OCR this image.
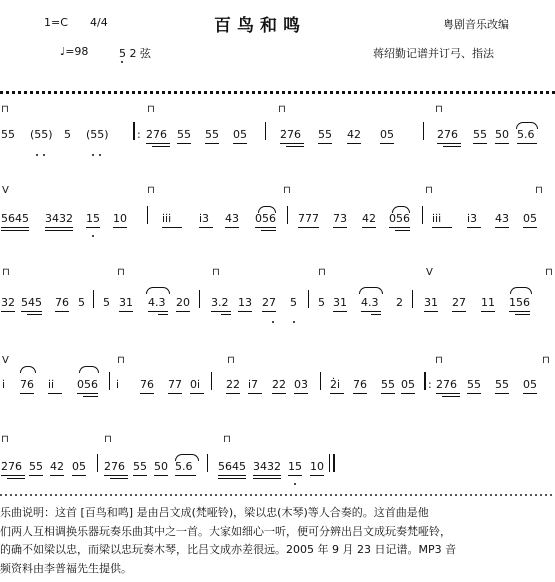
1=C 4/4	百鸟和鸣	粤剧音乐改编
♩=98	5 2 弦	蒋绍勤记谱并订弓、指法
⊓	⊓	⊓	⊓
55 (55) 5 (55)	: 2̇76 55 55 05	2̇76 55 42 05	2̇76 55 50 5.6
V	⊓	⊓	⊓	⊓
5645 3432 15 10	i̇i̇i̇	i̇3 43 056 777 73 42 056 i̇i̇i̇ i̇3 43 05
⊓	⊓	⊓	⊓	V	⊓
32 545 76 5 5 31 4.3 20 3.2 13 27 5 5 31 4.3 2 31 27 11 156
V	⊓	⊓	⊓	⊓
i̇ 76 i̇i̇ 056 i̇ 76 77 0i̇ 2̇2̇ i̇7 2̇2̇ 03̇ 2̇i̇ 76 55 05 : 2̇76 55 55 05
⊓	⊓	⊓
2̇76 55 42 05 2̇76 55 50 5.6 5645 3432 15 10
乐曲说明：这首 [百鸟和鸣] 是由吕文成(梵哑铃)，梁以忠(木琴)等人合奏的。这首曲是他
们两人互相调换乐器玩奏乐曲其中之一首。大家如细心一听，便可分辨出吕文成玩奏梵哑铃，
的确不如梁以忠，而梁以忠玩奏木琴，比吕文成亦差很远。2005 年 9 月 23 日记谱。MP3 音
频资料由李普福先生提供。
